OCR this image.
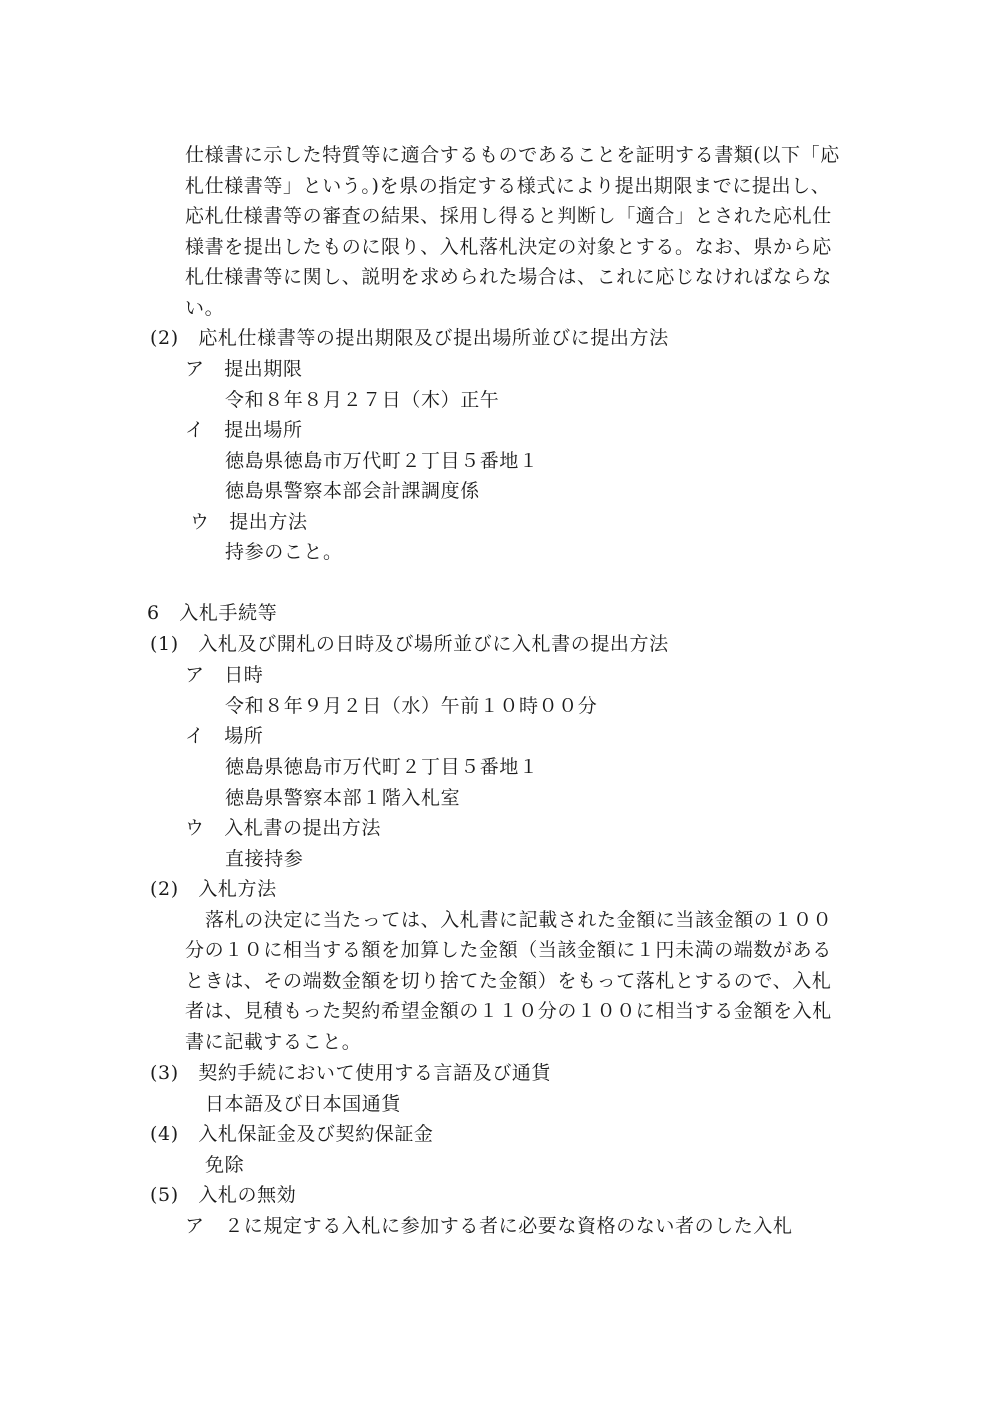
仕様書に示した特質等に適合するものであることを証明する書類(以下「応
札仕様書等」という。)を県の指定する様式により提出期限までに提出し、
応札仕様書等の審査の結果、採用し得ると判断し「適合」とされた応札仕
様書を提出したものに限り、入札落札決定の対象とする。なお、県から応
札仕様書等に関し、説明を求められた場合は、これに応じなければならな
い。
(2)　応札仕様書等の提出期限及び提出場所並びに提出方法
ア　提出期限
令和８年８月２７日（木）正午
イ　提出場所
徳島県徳島市万代町２丁目５番地１
徳島県警察本部会計課調度係
ウ　提出方法
持参のこと。
6　入札手続等
(1)　入札及び開札の日時及び場所並びに入札書の提出方法
ア　日時
令和８年９月２日（水）午前１０時００分
イ　場所
徳島県徳島市万代町２丁目５番地１
徳島県警察本部１階入札室
ウ　入札書の提出方法
直接持参
(2)　入札方法
落札の決定に当たっては、入札書に記載された金額に当該金額の１００
分の１０に相当する額を加算した金額（当該金額に１円未満の端数がある
ときは、その端数金額を切り捨てた金額）をもって落札とするので、入札
者は、見積もった契約希望金額の１１０分の１００に相当する金額を入札
書に記載すること。
(3)　契約手続において使用する言語及び通貨
日本語及び日本国通貨
(4)　入札保証金及び契約保証金
免除
(5)　入札の無効
ア　２に規定する入札に参加する者に必要な資格のない者のした入札
